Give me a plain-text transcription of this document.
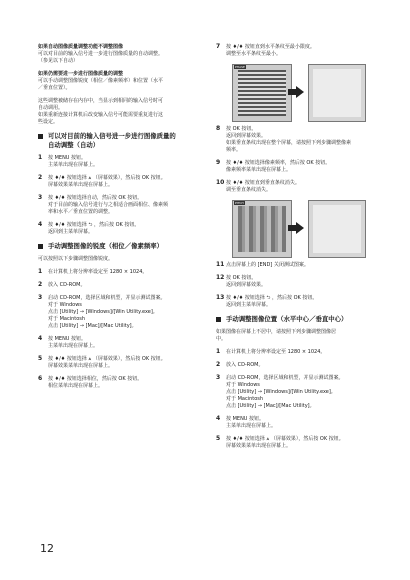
如果自动图像质量调整功能不调整图像
可以对目前的输入信号进一步进行图像质量的自动调整。
（参见以下自动）
如果仍需要进一步进行图像质量的调整
可以手动调整图像锐度（相位／像素频率）和位置（水平
／垂直位置）。
这些调整被储存在内存中，当显示到相同的输入信号时可
自动调用。
如果重新连接计算机后改变输入信号可能需要重复进行这
些设定。
可以对目前的输入信号进一步进行图像质量的
自动调整（自动）
1 按 MENU 按钮。
主菜单出现在屏幕上。
2 按 ♦/♦ 按钮选择 ⩓ （屏幕效果），然后按 OK 按钮。
屏幕效果菜单出现在屏幕上。
3 按 ♦/♦ 按钮选择自动，然后按 OK 按钮。
对于目前的输入信号进行与之相适合画面相位、像素频
率和水平／垂直位置的调整。
4 按 ♦/♦ 按钮选择 ⮌ ，然后按 OK 按钮。
返回到主菜单屏幕。
手动调整图像的锐度（相位／像素频率）
可以按照以下步骤调整图像锐度。
1 在计算机上将分辨率设定至 1280 × 1024。
2 放入 CD-ROM。
3 启动 CD-ROM，选择区域和机型，并显示测试图案。
对于 Windows
点击 [Utility] → [Windows]/[Win Utility.exe]。
对于 Macintosh
点击 [Utility] → [Mac]/[Mac Utility]。
4 按 MENU 按钮。
主菜单出现在屏幕上。
5 按 ♦/♦ 按钮选择 ⩓ （屏幕效果），然后按 OK 按钮。
屏幕效果菜单出现在屏幕上。
6 按 ♦/♦ 按钮选择相位，然后按 OK 按钮。
相位菜单出现在屏幕上。
7 按 ♦/♦ 按钮直到水平条纹至最小限度。
调整至水平条纹至最小。
PHASE
8 按 OK 按钮。
返回到屏幕效果。
如果垂直条纹出现在整个屏幕，请按照下列步骤调整像素
频率。
9 按 ♦/♦ 按钮选择像素频率，然后按 OK 按钮。
像素频率菜单出现在屏幕上。
10 按 ♦/♦ 按钮直到垂直条纹消失。
调至垂直条纹消失。
PITCH
11 点击屏幕上的 [END] 关闭测试图案。
12 按 OK 按钮。
返回到屏幕效果。
13 按 ♦/♦ 按钮选择 ⮌ ，然后按 OK 按钮。
返回到主菜单屏幕。
手动调整图像位置（水平中心／垂直中心）
如果图像在屏幕上不居中，请按照下列步骤调整图像居
中。
1 在计算机上将分辨率设定至 1280 × 1024。
2 放入 CD-ROM。
3 启动 CD-ROM，选择区域和机型，并显示测试图案。
对于 Windows
点击 [Utility] → [Windows]/[Win Utility.exe]。
对于 Macintosh
点击 [Utility] → [Mac]/[Mac Utility]。
4 按 MENU 按钮。
主菜单出现在屏幕上。
5 按 ♦/♦ 按钮选择 ⩓ （屏幕效果），然后按 OK 按钮。
屏幕效果菜单出现在屏幕上。
12
